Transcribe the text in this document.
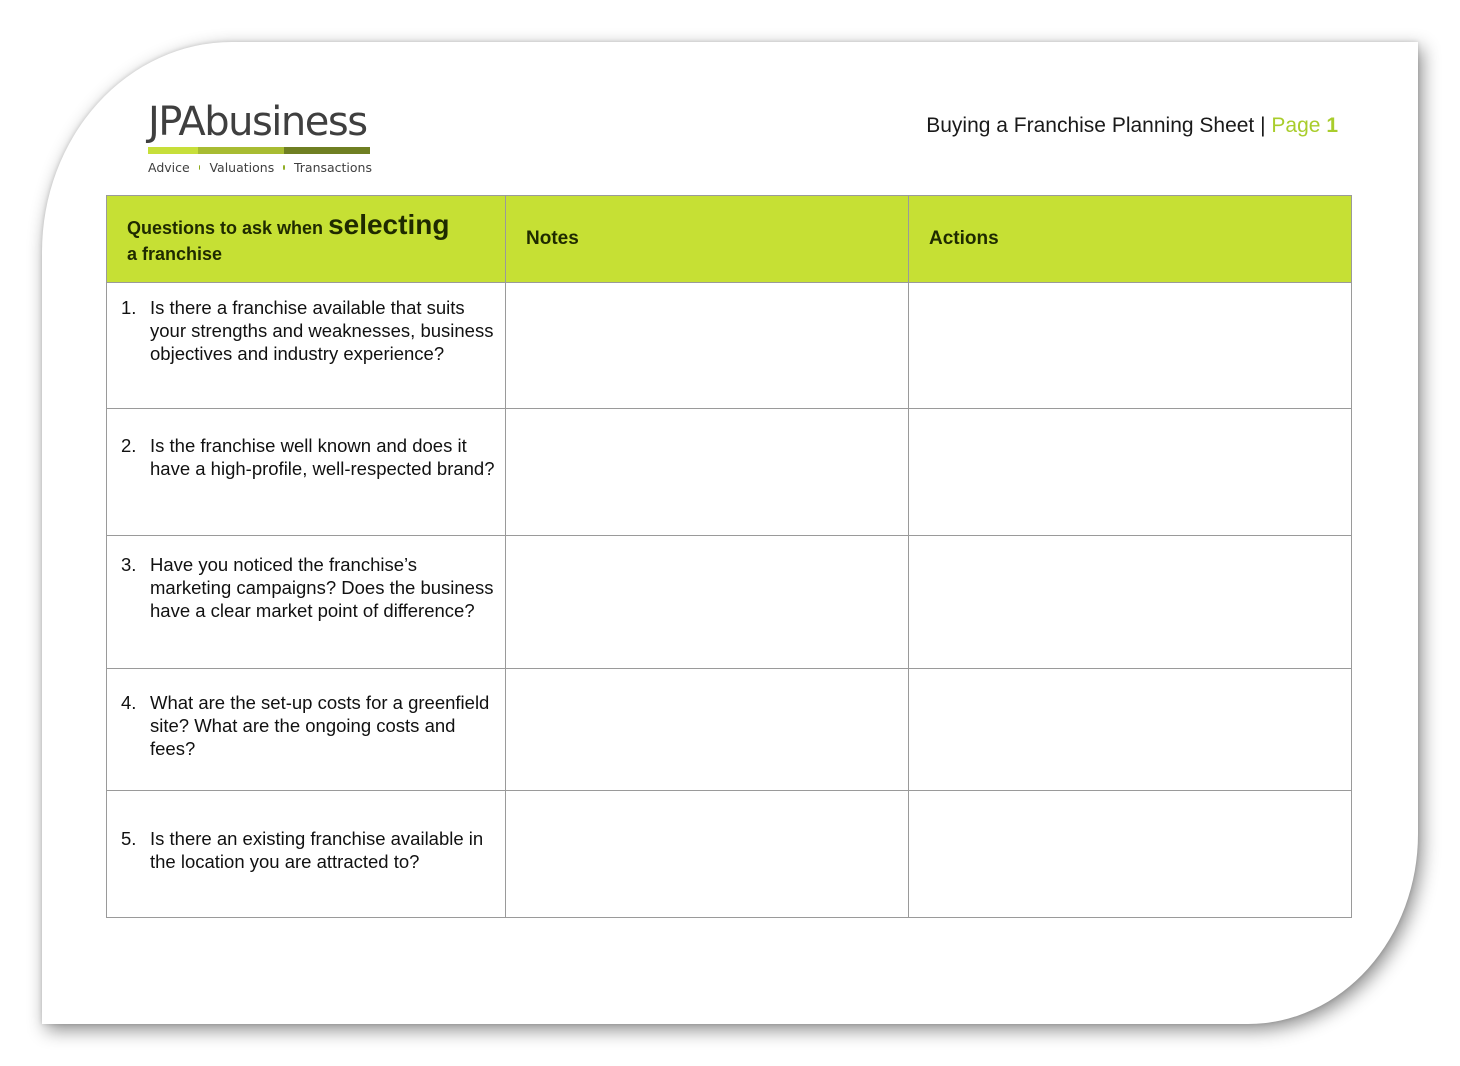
JPAbusiness
Advice Valuations Transactions
Buying a Franchise Planning Sheet | Page 1
Questions to ask when selecting
a franchise	Notes	Actions

1. Is there a franchise available that suits your strengths and weaknesses, business objectives and industry experience?		

2. Is the franchise well known and does it have a high-profile, well-respected brand?		

3. Have you noticed the franchise’s marketing campaigns? Does the business have a clear market point of difference?		

4. What are the set-up costs for a greenfield site? What are the ongoing costs and fees?		

5. Is there an existing franchise available in the location you are attracted to?		
